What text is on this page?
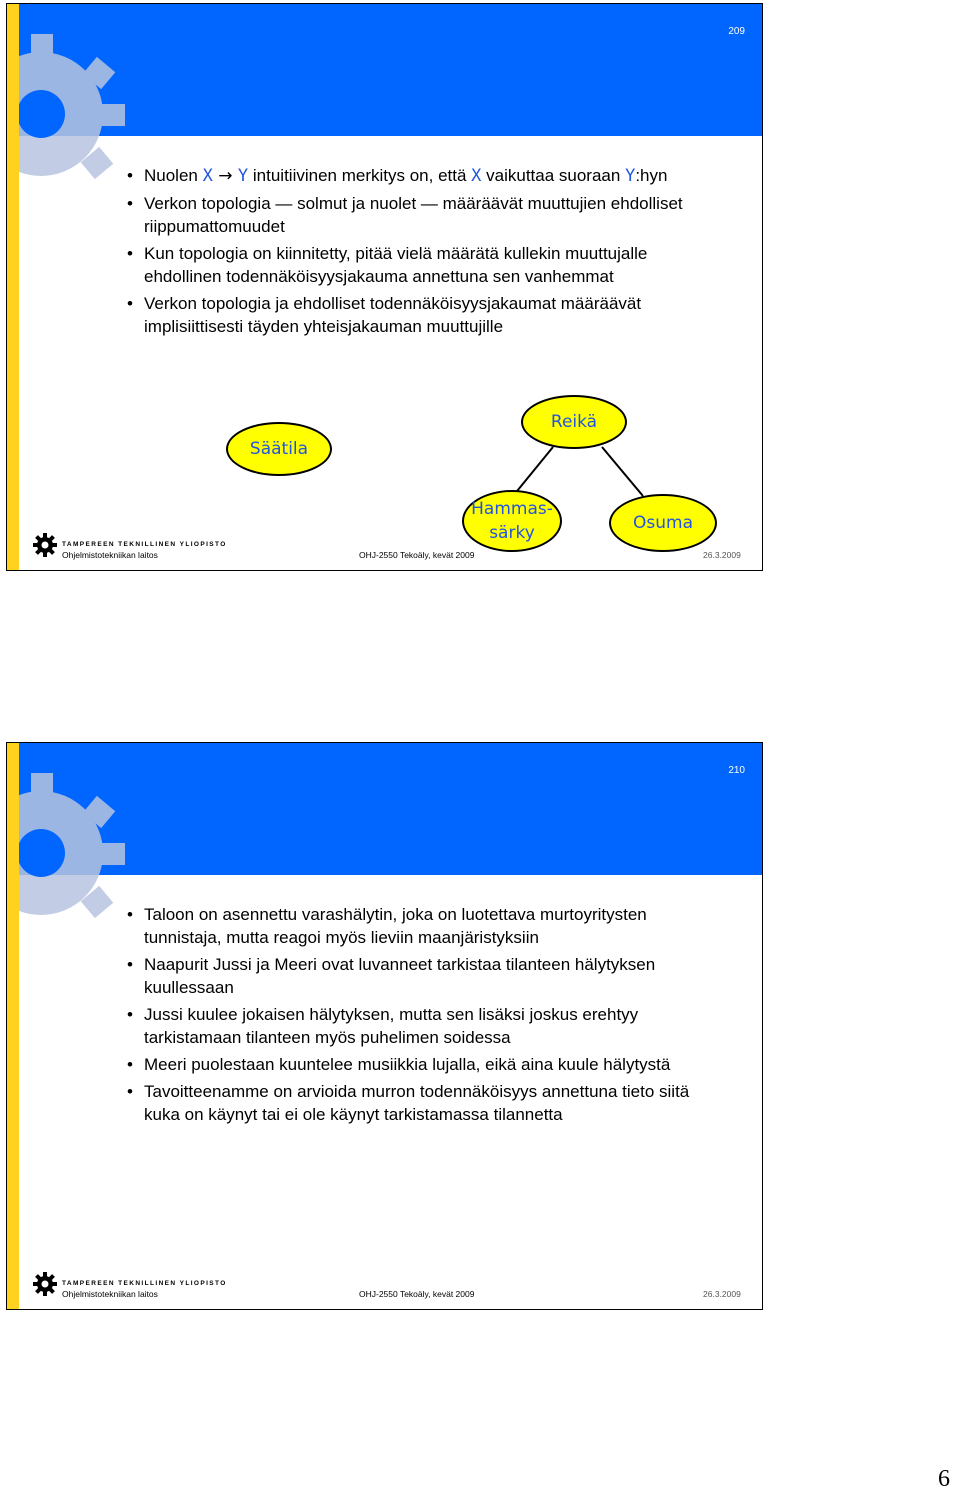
209
• Nuolen X → Y intuitiivinen merkitys on, että X vaikuttaa suoraan Y:hyn
• Verkon topologia — solmut ja nuolet — määräävät muuttujien ehdolliset riippumattomuudet
• Kun topologia on kiinnitetty, pitää vielä määrätä kullekin muuttujalle ehdollinen todennäköisyysjakauma annettuna sen vanhemmat
• Verkon topologia ja ehdolliset todennäköisyysjakaumat määräävät implisiittisesti täyden yhteisjakauman muuttujille
Säätila
Reikä
Hammas-
särky	Osuma
TAMPEREEN TEKNILLINEN YLIOPISTO
Ohjelmistotekniikan laitos	OHJ-2550 Tekoäly, kevät 2009	26.3.2009
210
• Taloon on asennettu varashälytin, joka on luotettava murtoyritysten tunnistaja, mutta reagoi myös lieviin maanjäristyksiin
• Naapurit Jussi ja Meeri ovat luvanneet tarkistaa tilanteen hälytyksen kuullessaan
• Jussi kuulee jokaisen hälytyksen, mutta sen lisäksi joskus erehtyy tarkistamaan tilanteen myös puhelimen soidessa
• Meeri puolestaan kuuntelee musiikkia lujalla, eikä aina kuule hälytystä
• Tavoitteenamme on arvioida murron todennäköisyys annettuna tieto siitä kuka on käynyt tai ei ole käynyt tarkistamassa tilannetta
TAMPEREEN TEKNILLINEN YLIOPISTO
Ohjelmistotekniikan laitos	OHJ-2550 Tekoäly, kevät 2009	26.3.2009
6
